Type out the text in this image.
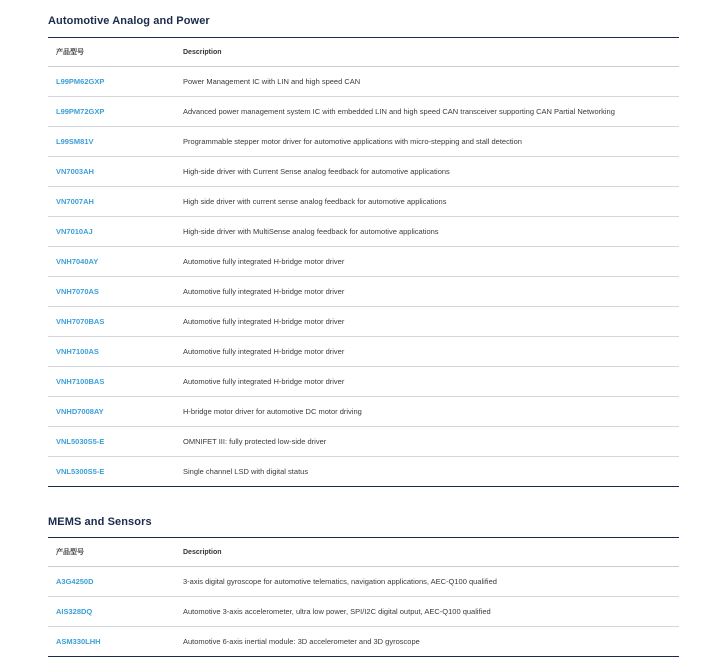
Automotive Analog and Power
产品型号	Description
L99PM62GXP	Power Management IC with LIN and high speed CAN
L99PM72GXP	Advanced power management system IC with embedded LIN and high speed CAN transceiver supporting CAN Partial Networking
L99SM81V	Programmable stepper motor driver for automotive applications with micro-stepping and stall detection
VN7003AH	High-side driver with Current Sense analog feedback for automotive applications
VN7007AH	High side driver with current sense analog feedback for automotive applications
VN7010AJ	High-side driver with MultiSense analog feedback for automotive applications
VNH7040AY	Automotive fully integrated H-bridge motor driver
VNH7070AS	Automotive fully integrated H-bridge motor driver
VNH7070BAS	Automotive fully integrated H-bridge motor driver
VNH7100AS	Automotive fully integrated H-bridge motor driver
VNH7100BAS	Automotive fully integrated H-bridge motor driver
VNHD7008AY	H-bridge motor driver for automotive DC motor driving
VNL5030S5-E	OMNIFET III: fully protected low-side driver
VNL5300S5-E	Single channel LSD with digital status
MEMS and Sensors
产品型号	Description
A3G4250D	3-axis digital gyroscope for automotive telematics, navigation applications, AEC-Q100 qualified
AIS328DQ	Automotive 3-axis accelerometer, ultra low power, SPI/I2C digital output, AEC-Q100 qualified
ASM330LHH	Automotive 6-axis inertial module: 3D accelerometer and 3D gyroscope
